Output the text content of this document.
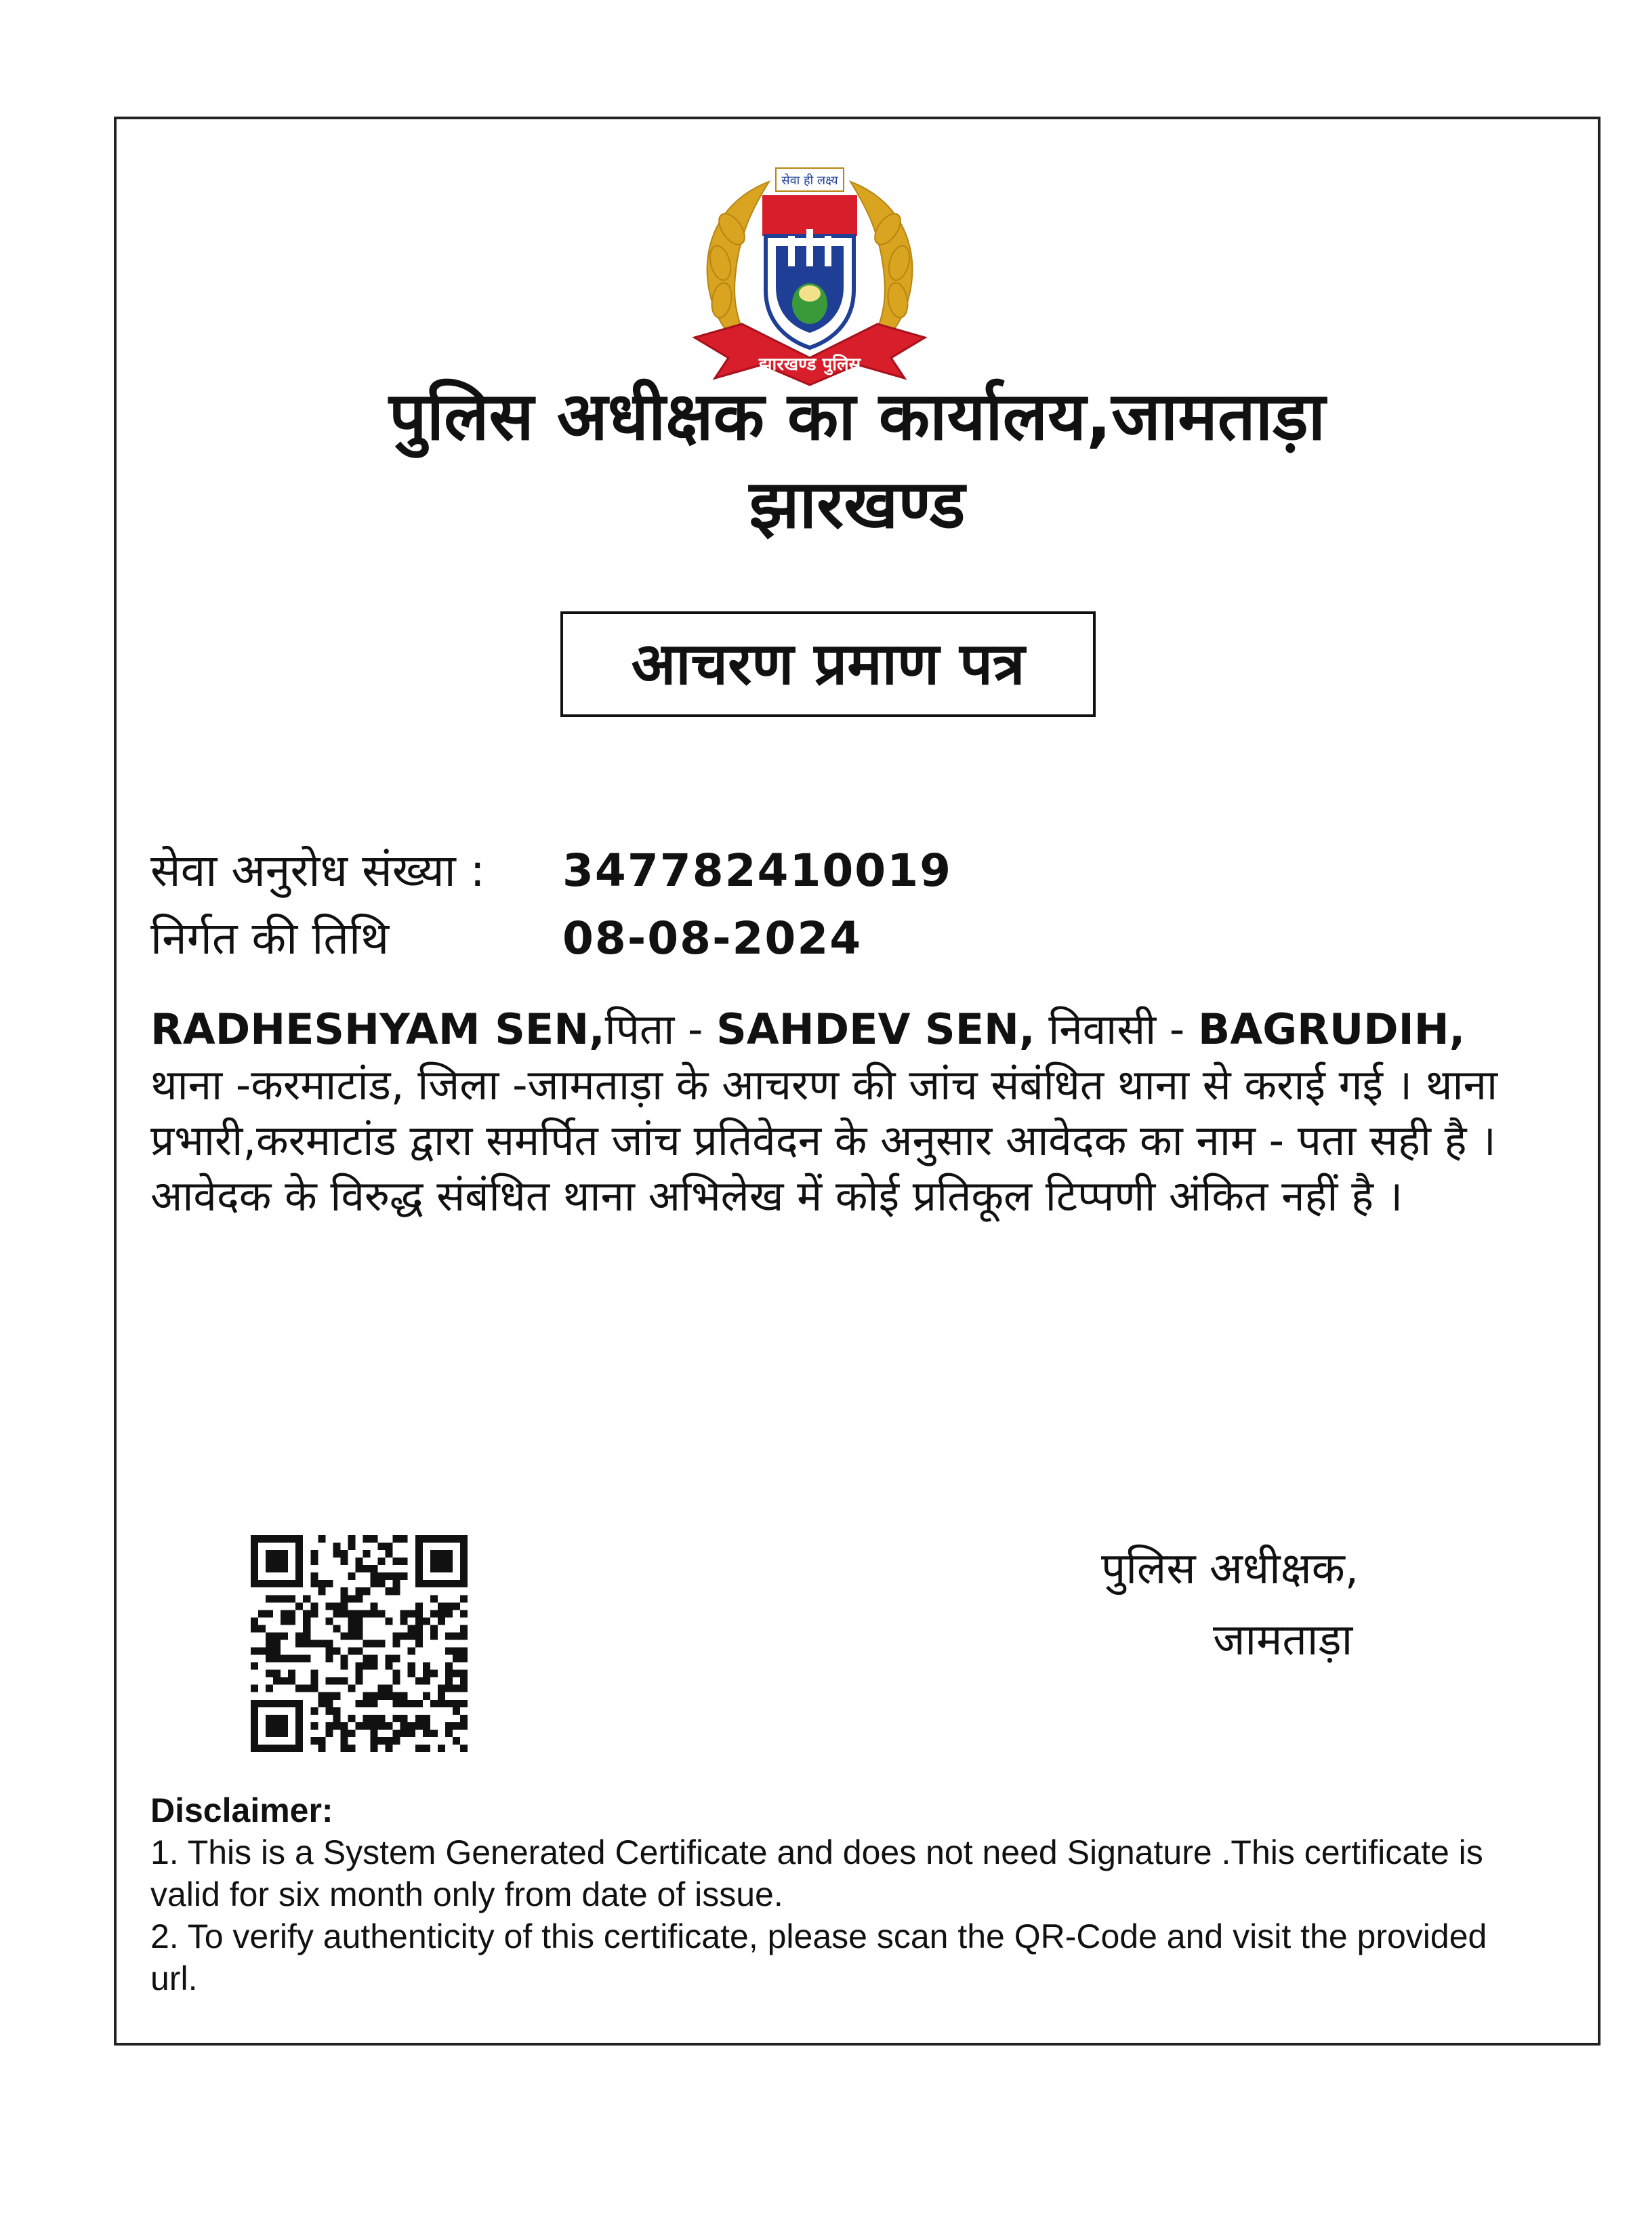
सेवा ही लक्ष्य
झारखण्ड पुलिस
पुलिस अधीक्षक का कार्यालय,जामताड़ा
झारखण्ड
आचरण प्रमाण पत्र
सेवा अनुरोध संख्या : 347782410019
निर्गत की तिथि	08-08-2024
RADHESHYAM SEN,पिता - SAHDEV SEN, निवासी - BAGRUDIH, थाना -करमाटांड, जिला -जामताड़ा के आचरण की जांच संबंधित थाना से कराई गई । थाना प्रभारी,करमाटांड द्वारा समर्पित जांच प्रतिवेदन के अनुसार आवेदक का नाम - पता सही है । आवेदक के विरुद्ध संबंधित थाना अभिलेख में कोई प्रतिकूल टिप्पणी अंकित नहीं है ।
पुलिस अधीक्षक,
जामताड़ा
Disclaimer:
1. This is a System Generated Certificate and does not need Signature .This certificate is valid for six month only from date of issue.
2. To verify authenticity of this certificate, please scan the QR-Code and visit the provided url.
